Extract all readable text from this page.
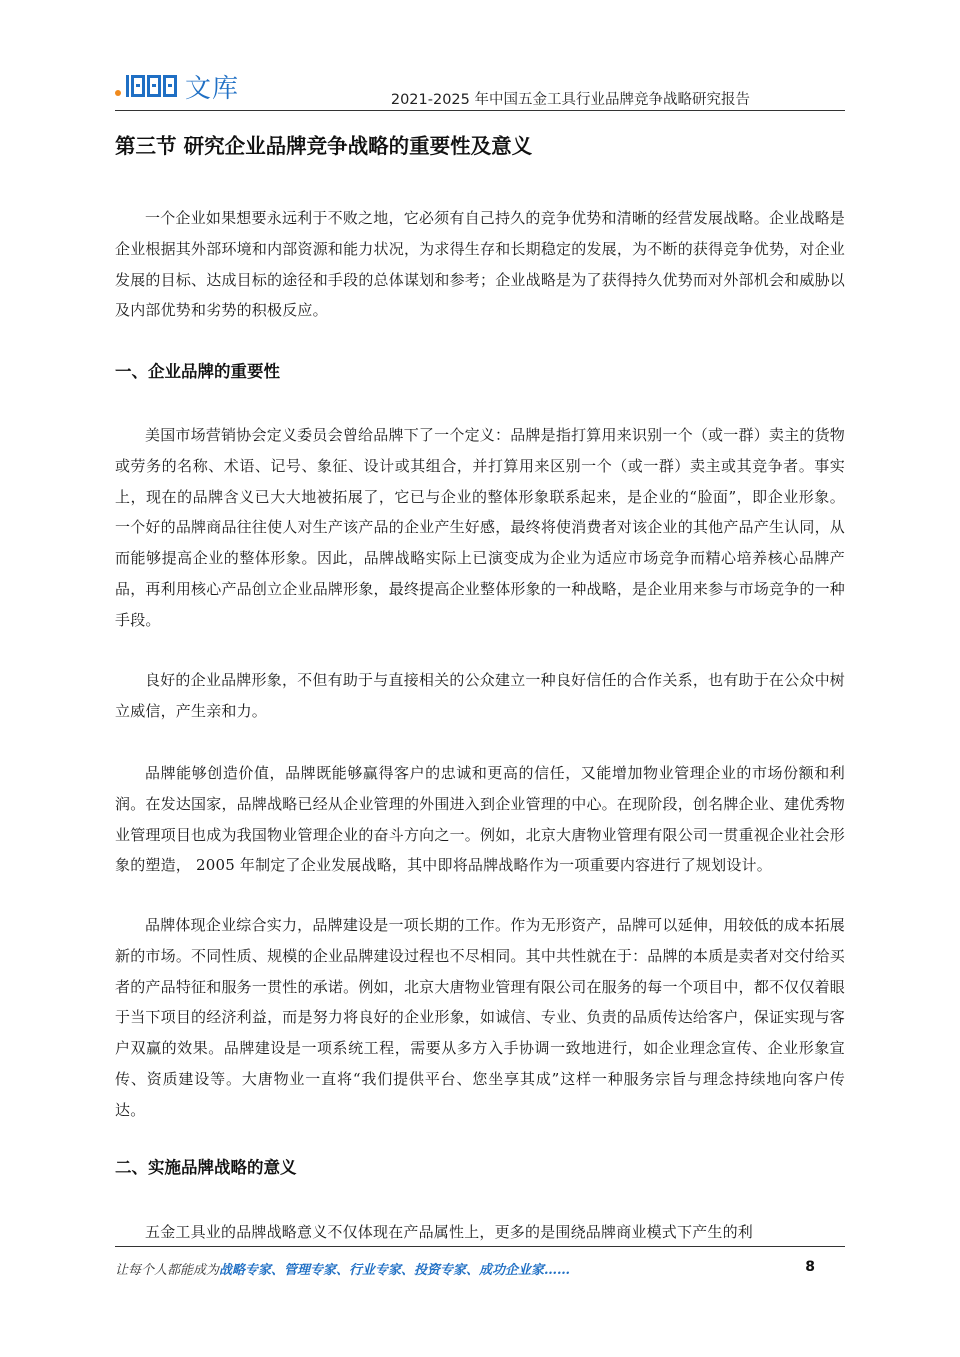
文库	2021-2025 年中国五金工具行业品牌竞争战略研究报告
第三节 研究企业品牌竞争战略的重要性及意义

一个企业如果想要永远利于不败之地，它必须有自己持久的竞争优势和清晰的经营发展战略。企业战略是企业根据其外部环境和内部资源和能力状况，为求得生存和长期稳定的发展，为不断的获得竞争优势，对企业发展的目标、达成目标的途径和手段的总体谋划和参考；企业战略是为了获得持久优势而对外部机会和威胁以及内部优势和劣势的积极反应。

一、企业品牌的重要性

美国市场营销协会定义委员会曾给品牌下了一个定义：品牌是指打算用来识别一个（或一群）卖主的货物或劳务的名称、术语、记号、象征、设计或其组合，并打算用来区别一个（或一群）卖主或其竞争者。事实上，现在的品牌含义已大大地被拓展了，它已与企业的整体形象联系起来，是企业的“脸面”，即企业形象。一个好的品牌商品往往使人对生产该产品的企业产生好感，最终将使消费者对该企业的其他产品产生认同，从而能够提高企业的整体形象。因此，品牌战略实际上已演变成为企业为适应市场竞争而精心培养核心品牌产品，再利用核心产品创立企业品牌形象，最终提高企业整体形象的一种战略，是企业用来参与市场竞争的一种手段。

良好的企业品牌形象，不但有助于与直接相关的公众建立一种良好信任的合作关系，也有助于在公众中树立威信，产生亲和力。

品牌能够创造价值，品牌既能够赢得客户的忠诚和更高的信任，又能增加物业管理企业的市场份额和利润。在发达国家，品牌战略已经从企业管理的外围进入到企业管理的中心。在现阶段，创名牌企业、建优秀物业管理项目也成为我国物业管理企业的奋斗方向之一。例如，北京大唐物业管理有限公司一贯重视企业社会形象的塑造， 2005 年制定了企业发展战略，其中即将品牌战略作为一项重要内容进行了规划设计。

品牌体现企业综合实力，品牌建设是一项长期的工作。作为无形资产，品牌可以延伸，用较低的成本拓展新的市场。不同性质、规模的企业品牌建设过程也不尽相同。其中共性就在于：品牌的本质是卖者对交付给买者的产品特征和服务一贯性的承诺。例如，北京大唐物业管理有限公司在服务的每一个项目中，都不仅仅着眼于当下项目的经济利益，而是努力将良好的企业形象，如诚信、专业、负责的品质传达给客户，保证实现与客户双赢的效果。品牌建设是一项系统工程，需要从多方入手协调一致地进行，如企业理念宣传、企业形象宣传、资质建设等。大唐物业一直将“我们提供平台、您坐享其成”这样一种服务宗旨与理念持续地向客户传达。

二、实施品牌战略的意义

五金工具业的品牌战略意义不仅体现在产品属性上，更多的是围绕品牌商业模式下产生的利

让每个人都能成为战略专家、管理专家、行业专家、投资专家、成功企业家……	8
